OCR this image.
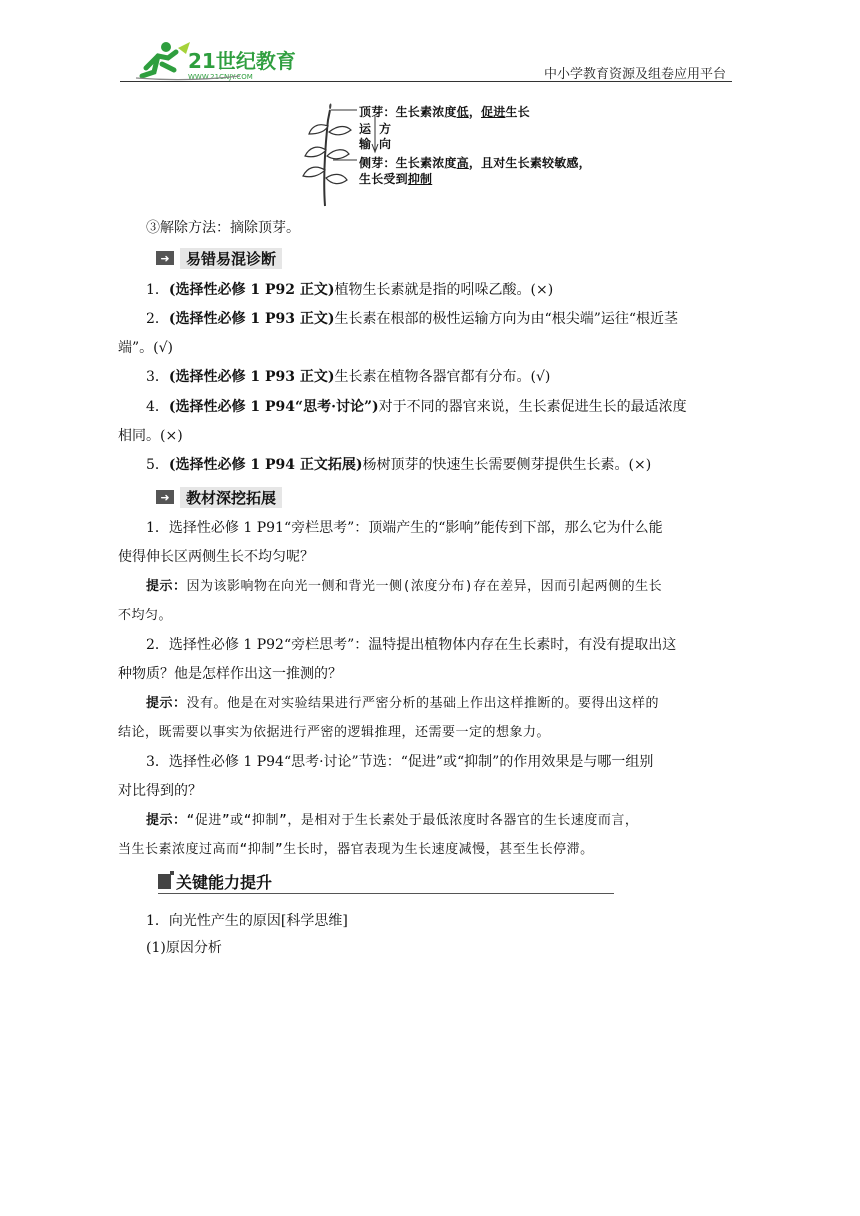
21世纪教育
WWW.21CNJY.COM	中小学教育资源及组卷应用平台
顶芽：生长素浓度低，促进生长
运
输
方
向
侧芽：生长素浓度高，且对生长素较敏感，
生长受到抑制
③解除方法：摘除顶芽。
➜	易错易混诊断
1．(选择性必修 1 P92 正文)植物生长素就是指的吲哚乙酸。(×)
2．(选择性必修 1 P93 正文)生长素在根部的极性运输方向为由“根尖端”运往“根近茎
端”。(√)
3．(选择性必修 1 P93 正文)生长素在植物各器官都有分布。(√)
4．(选择性必修 1 P94“思考·讨论”)对于不同的器官来说，生长素促进生长的最适浓度
相同。(×)
5．(选择性必修 1 P94 正文拓展)杨树顶芽的快速生长需要侧芽提供生长素。(×)
➜	教材深挖拓展
1．选择性必修 1 P91“旁栏思考”：顶端产生的“影响”能传到下部，那么它为什么能
使得伸长区两侧生长不均匀呢？
提示：因为该影响物在向光一侧和背光一侧(浓度分布)存在差异，因而引起两侧的生长
不均匀。
2．选择性必修 1 P92“旁栏思考”：温特提出植物体内存在生长素时，有没有提取出这
种物质？他是怎样作出这一推测的？
提示：没有。他是在对实验结果进行严密分析的基础上作出这样推断的。要得出这样的
结论，既需要以事实为依据进行严密的逻辑推理，还需要一定的想象力。
3．选择性必修 1 P94“思考·讨论”节选：“促进”或“抑制”的作用效果是与哪一组别
对比得到的？
提示：“促进”或“抑制”，是相对于生长素处于最低浓度时各器官的生长速度而言，
当生长素浓度过高而“抑制”生长时，器官表现为生长速度减慢，甚至生长停滞。
关键能力提升
1．向光性产生的原因[科学思维]
(1)原因分析
